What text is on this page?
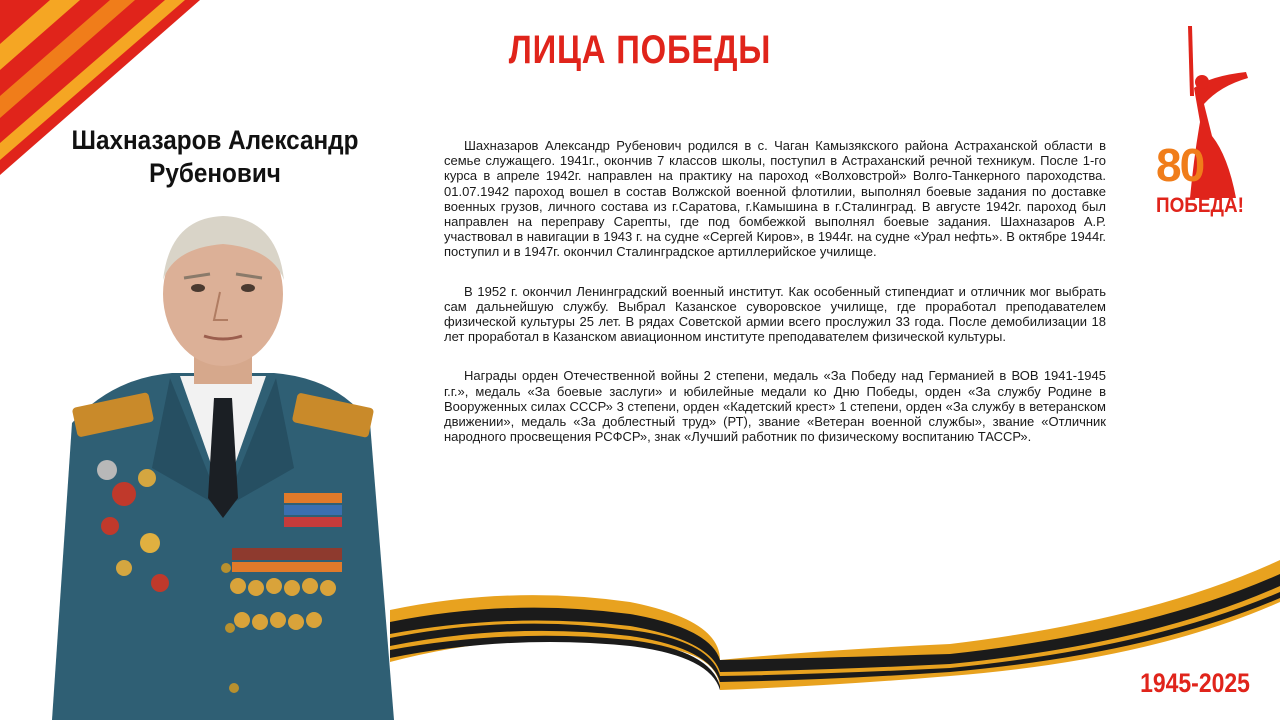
ЛИЦА ПОБЕДЫ
Шахназаров Александр Рубенович

Шахназаров Александр Рубенович родился в с. Чаган Камызякского района Астраханской области в семье служащего. 1941г., окончив 7 классов школы, поступил в Астраханский речной техникум. После 1-го курса в апреле 1942г. направлен на практику на пароход «Волховстрой» Волго-Танкерного пароходства. 01.07.1942 пароход вошел в состав Волжской военной флотилии, выполнял боевые задания по доставке военных грузов, личного состава из г.Саратова, г.Камышина в г.Сталинград. В августе 1942г. пароход был направлен на переправу Сарепты, где под бомбежкой выполнял боевые задания. Шахназаров А.Р. участвовал в навигации в 1943 г. на судне «Сергей Киров», в 1944г. на судне «Урал нефть». В октябре 1944г. поступил и в 1947г. окончил Сталинградское артиллерийское училище.

В 1952 г. окончил Ленинградский военный институт. Как особенный стипендиат и отличник мог выбрать сам дальнейшую службу. Выбрал Казанское суворовское училище, где проработал преподавателем физической культуры 25 лет. В рядах Советской армии всего прослужил 33 года. После демобилизации 18 лет проработал в Казанском авиационном институте преподавателем физической культуры.

Награды орден Отечественной войны 2 степени, медаль «За Победу над Германией в ВОВ 1941-1945 г.г.», медаль «За боевые заслуги» и юбилейные медали ко Дню Победы, орден «За службу Родине в Вооруженных силах СССР» 3 степени, орден «Кадетский крест» 1 степени, орден «За службу в ветеранском движении», медаль «За доблестный труд» (РТ), звание «Ветеран военной службы», звание «Отличник народного просвещения РСФСР», знак «Лучший работник по физическому воспитанию ТАССР».

80
ПОБЕДА!
1945-2025
